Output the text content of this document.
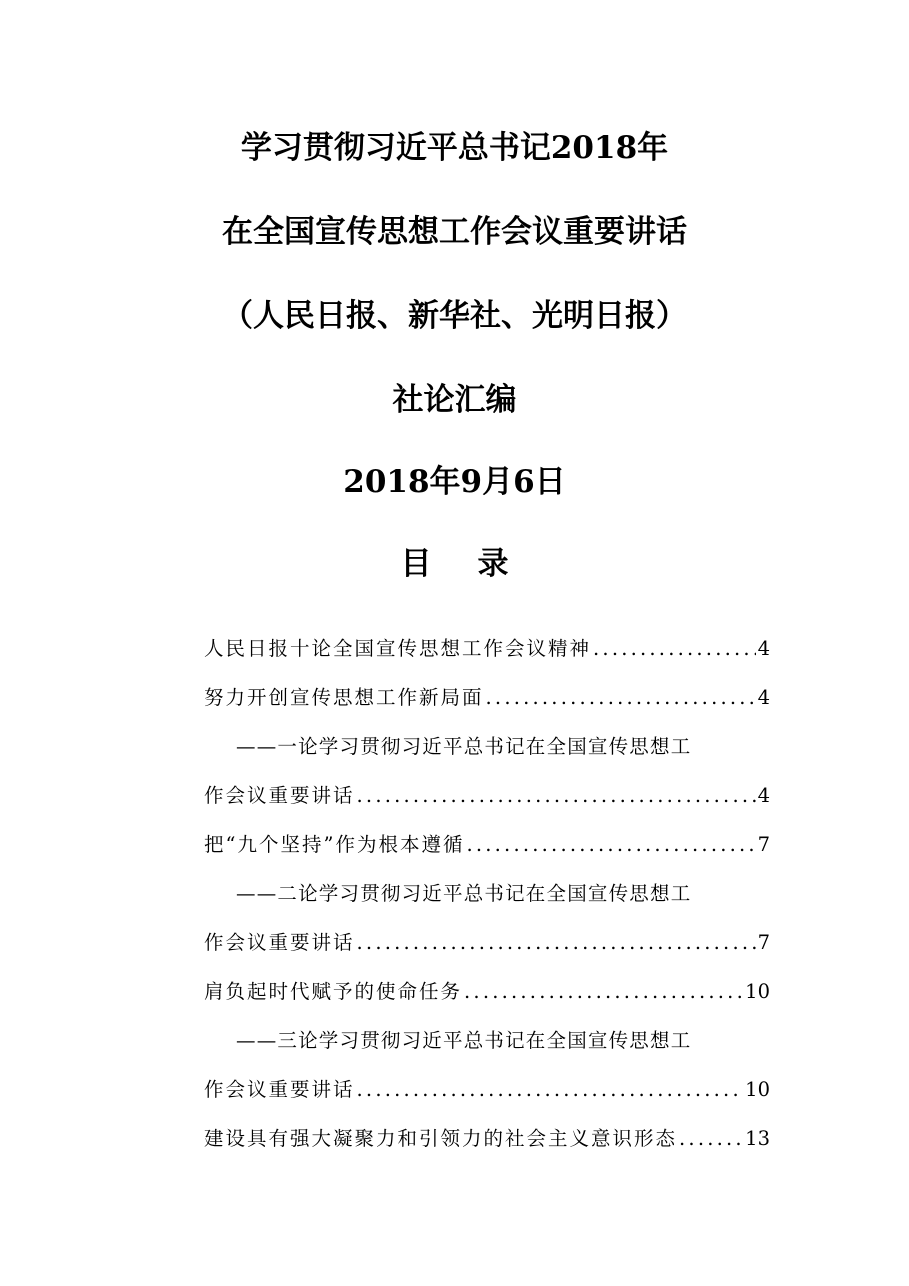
学习贯彻习近平总书记2018年
在全国宣传思想工作会议重要讲话
（人民日报、新华社、光明日报）
社论汇编
2018年9月6日
目录
人民日报十论全国宣传思想工作会议精神 .....	4
努力开创宣传思想工作新局面 .....	4
——一论学习贯彻习近平总书记在全国宣传思想工
作会议重要讲话 .....	4
把“九个坚持”作为根本遵循 .....	7
——二论学习贯彻习近平总书记在全国宣传思想工
作会议重要讲话 .....	7
肩负起时代赋予的使命任务 .....	10
——三论学习贯彻习近平总书记在全国宣传思想工
作会议重要讲话 .....	10
建设具有强大凝聚力和引领力的社会主义意识形态 .....	13
